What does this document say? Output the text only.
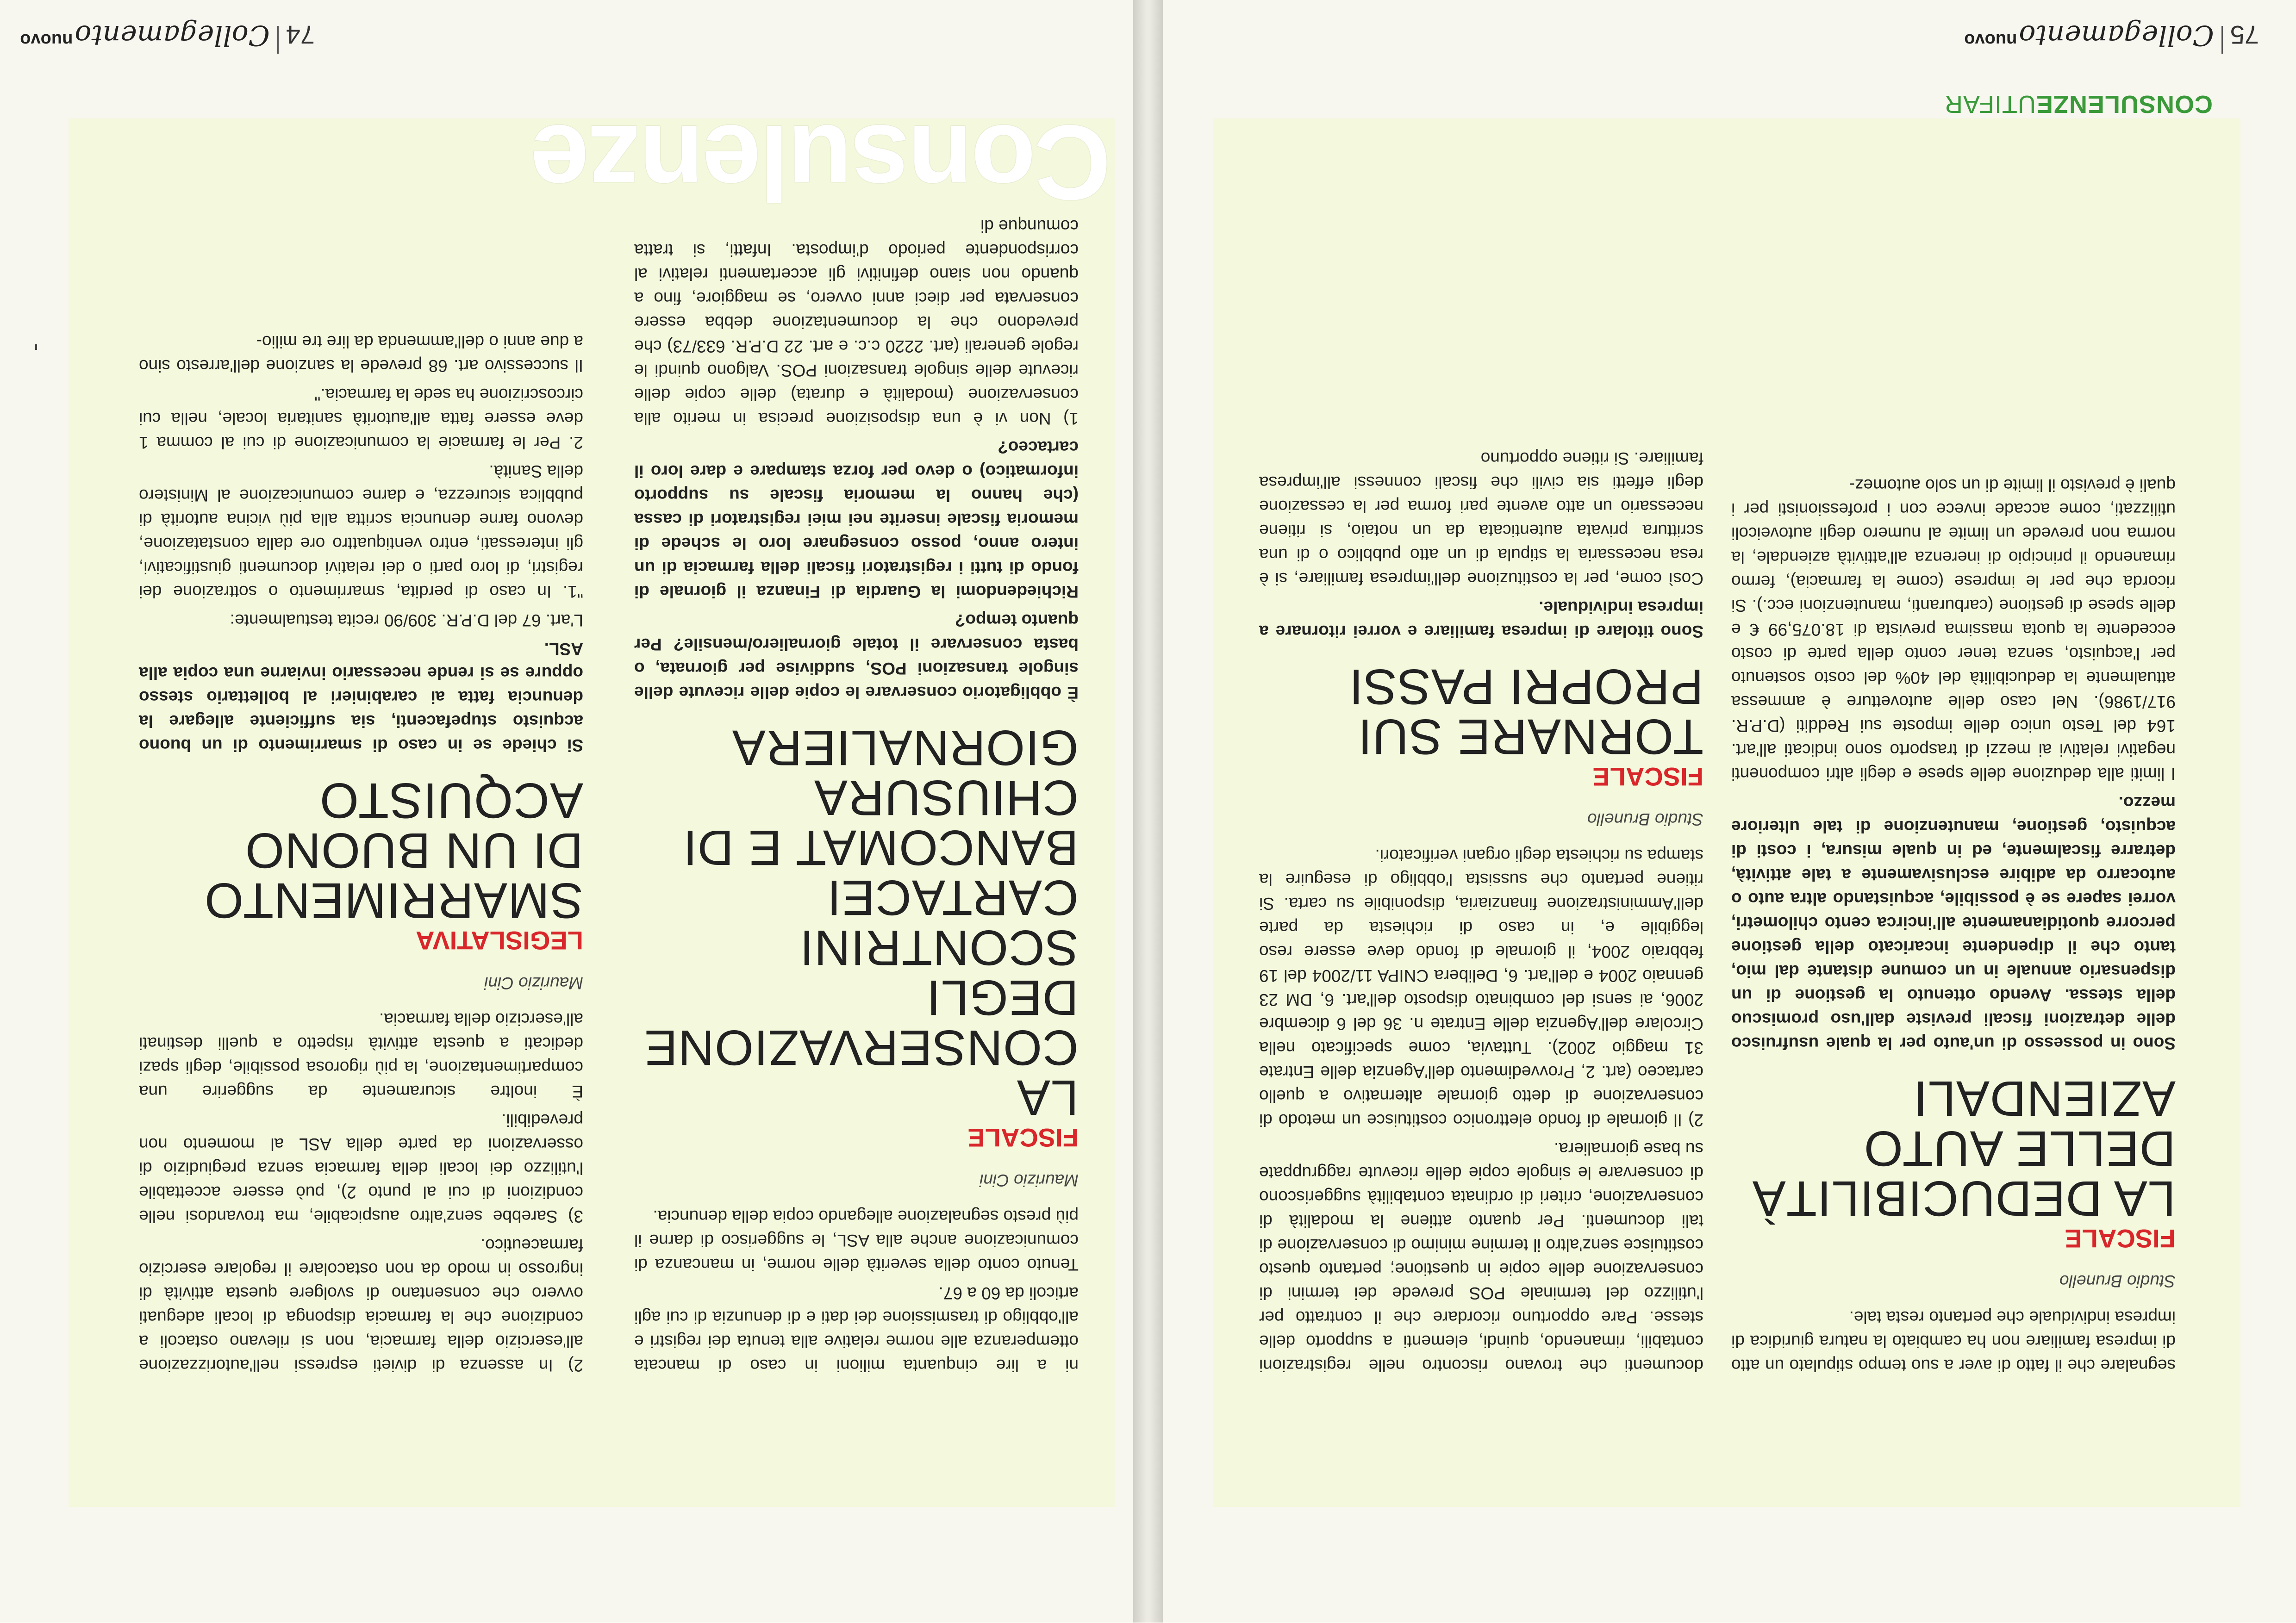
74
Collegamento$^{nuovo}$
Consulenze

ni a lire cinquanta milioni in caso di mancata ottemperanza alle norme relative alla tenuta dei registri e all'obbligo di trasmissione dei dati e di denunzia di cui agli articoli da 60 a 67.

Tenuto conto della severità delle norme, in mancanza di comunicazione anche alla ASL, le suggerisco di darne il più presto segnalazione allegando copia della denuncia.

Maurizio Cini
FISCALE
LA CONSERVAZIONE DEGLI SCONTRINI CARTACEI BANCOMAT E DI CHIUSURA GIORNALIERA

È obbligatorio conservare le copie delle ricevute delle singole transazioni POS, suddivise per giornata, o basta conservare il totale giornaliero/mensile? Per quanto tempo?

Richiedendomi la Guardia di Finanza il giornale di fondo di tutti i registratori fiscali della farmacia di un intero anno, posso consegnare loro le schede di memoria fiscale inserite nei miei registratori di cassa (che hanno la memoria fiscale su supporto informatico) o devo per forza stampare e dare loro il cartaceo?

1) Non vi è una disposizione precisa in merito alla conservazione (modalità e durata) delle copie delle ricevute delle singole transazioni POS. Valgono quindi le regole generali (art. 2220 c.c. e art. 22 D.P.R. 633/73) che prevedono che la documentazione debba essere conservata per dieci anni ovvero, se maggiore, fino a quando non siano definitivi gli accertamenti relativi al corrispondente periodo d'imposta. Infatti, si tratta comunque di

2) In assenza di divieti espressi nell'autorizzazione all'esercizio della farmacia, non si rilevano ostacoli a condizione che la farmacia disponga di locali adeguati ovvero che consentano di svolgere questa attività di ingrosso in modo da non ostacolare il regolare esercizio farmaceutico.

3) Sarebbe senz'altro auspicabile, ma trovandosi nelle condizioni di cui al punto 2), può essere accettabile l'utilizzo dei locali della farmacia senza pregiudizio di osservazioni da parte della ASL al momento non prevedibili.

È inoltre sicuramente da suggerire una compartimentazione, la più rigorosa possibile, degli spazi dedicati a questa attività rispetto a quelli destinati all'esercizio della farmacia.

Maurizio Cini
LEGISLATIVA
SMARRIMENTO DI UN BUONO ACQUISTO

Si chiede se in caso di smarrimento di un buono acquisto stupefacenti, sia sufficiente allegare la denuncia fatta ai carabinieri al bollettario stesso oppure se si rende necessario inviarne una copia alla ASL.

L'art. 67 del D.P.R. 309/90 recita testualmente:

"1. In caso di perdita, smarrimento o sottrazione dei registri, di loro parti o dei relativi documenti giustificativi, gli interessati, entro ventiquattro ore dalla constatazione, devono farne denuncia scritta alla più vicina autorità di pubblica sicurezza, e darne comunicazione al Ministero della Sanità.

2. Per le farmacie la comunicazione di cui al comma 1 deve essere fatta all'autorità sanitaria locale, nella cui circoscrizione ha sede la farmacia."

Il successivo art. 68 prevede la sanzione dell'arresto sino a due anni o dell'ammenda da lire tre milio-

75
Collegamento$^{nuovo}$
CONSULENZEUTIFAR

documenti che trovano riscontro nelle registrazioni contabili, rimanendo, quindi, elementi a supporto delle stesse. Pare opportuno ricordare che il contratto per l'utilizzo del terminale POS prevede dei termini di conservazione delle copie in questione; pertanto questo costituisce senz'altro il termine minimo di conservazione di tali documenti. Per quanto attiene la modalità di conservazione, criteri di ordinata contabilità suggeriscono di conservare le singole copie delle ricevute raggruppate su base giornaliera.

2) Il giornale di fondo elettronico costituisce un metodo di conservazione di detto giornale alternativo a quello cartaceo (art. 2, Provvedimento dell'Agenzia delle Entrate 31 maggio 2002). Tuttavia, come specificato nella Circolare dell'Agenzia delle Entrate n. 36 del 6 dicembre 2006, ai sensi del combinato disposto dell'art. 6, DM 23 gennaio 2004 e dell'art. 6, Delibera CNIPA 11/2004 del 19 febbraio 2004, il giornale di fondo deve essere reso leggibile e, in caso di richiesta da parte dell'Amministrazione finanziaria, disponibile su carta. Si ritiene pertanto che sussista l'obbligo di eseguire la stampa su richiesta degli organi verificatori.

Studio Brunello
FISCALE
TORNARE SUI PROPRI PASSI

Sono titolare di impresa familiare e vorrei ritornare a impresa individuale.

Così come, per la costituzione dell'impresa familiare, si è resa necessaria la stipula di un atto pubblico o di una scrittura privata autenticata da un notaio, si ritiene necessario un atto avente pari forma per la cessazione degli effetti sia civili che fiscali connessi all'impresa familiare. Si ritiene opportuno

segnalare che il fatto di aver a suo tempo stipulato un atto di impresa familiare non ha cambiato la natura giuridica di impresa individuale che pertanto resta tale.

Studio Brunello
FISCALE
LA DEDUCIBILITÀ DELLE AUTO AZIENDALI

Sono in possesso di un'auto per la quale usufruisco delle detrazioni fiscali previste dall'uso promiscuo della stessa. Avendo ottenuto la gestione di un dispensario annuale in un comune distante dal mio, tanto che il dipendente incaricato della gestione percorre quotidianamente all'incirca cento chilometri, vorrei sapere se è possibile, acquistando altra auto o autocarro da adibire esclusivamente a tale attività, detrarre fiscalmente, ed in quale misura, i costi di acquisto, gestione, manutenzione di tale ulteriore mezzo.

I limiti alla deduzione delle spese e degli altri componenti negativi relativi ai mezzi di trasporto sono indicati all'art. 164 del Testo unico delle imposte sui Redditi (D.P.R. 917/1986). Nel caso delle autovetture è ammessa attualmente la deducibilità del 40% del costo sostenuto per l'acquisto, senza tener conto della parte di costo eccedente la quota massima prevista di 18.075,99 € e delle spese di gestione (carburanti, manutenzioni ecc.). Si ricorda che per le imprese (come la farmacia), fermo rimanendo il principio di inerenza all'attività aziendale, la norma non prevede un limite al numero degli autoveicoli utilizzati, come accade invece con i professionisti per i quali è previsto il limite di un solo automez-
